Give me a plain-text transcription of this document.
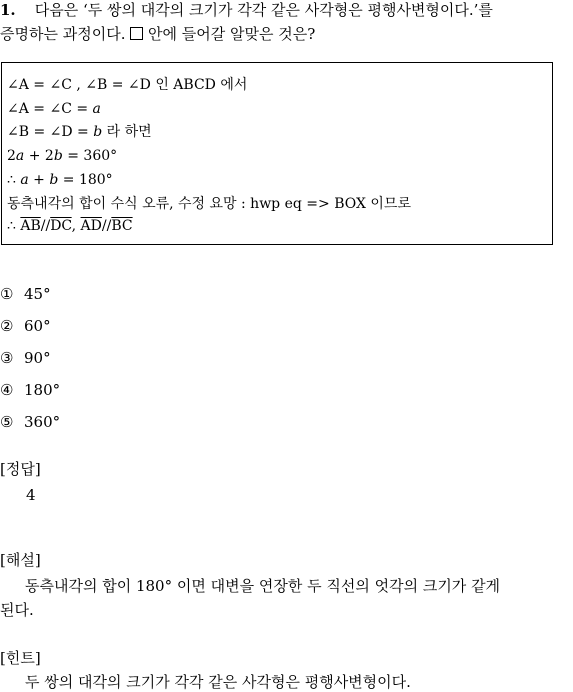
1. 다음은 ‘두 쌍의 대각의 크기가 각각 같은 사각형은 평행사변형이다.’를
증명하는 과정이다. 안에 들어갈 알맞은 것은?
∠A = ∠C , ∠B = ∠D 인 ABCD 에서
∠A = ∠C = a
∠B = ∠D = b 라 하면
2a + 2b = 360°
∴ a + b = 180°
동측내각의 합이 수식 오류, 수정 요망 : hwp eq => BOX 이므로
∴ $\overline{AB}//\overline{DC}$, $\overline{AD}//\overline{BC}$
① 45°
② 60°
③ 90°
④ 180°
⑤ 360°
[정답]
4
[해설]
동측내각의 합이 180° 이면 대변을 연장한 두 직선의 엇각의 크기가 같게
된다.
[힌트]
두 쌍의 대각의 크기가 각각 같은 사각형은 평행사변형이다.
